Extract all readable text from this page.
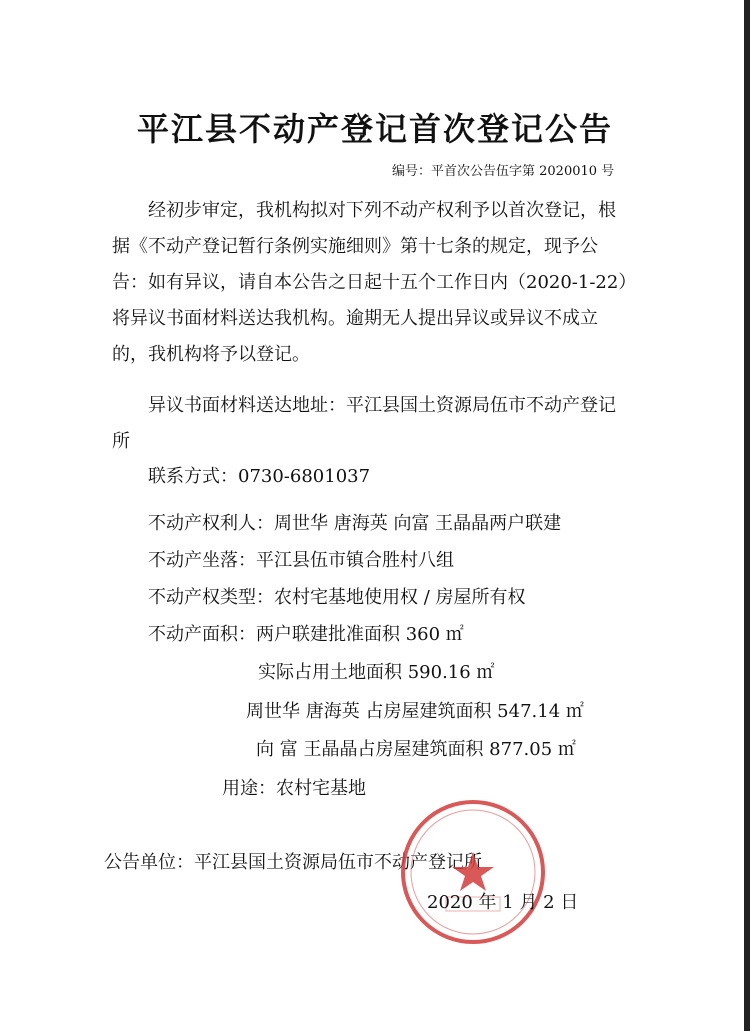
平江县不动产登记首次登记公告
编号：平首次公告伍字第 2020010 号
经初步审定，我机构拟对下列不动产权利予以首次登记，根据《不动产登记暂行条例实施细则》第十七条的规定，现予公告：如有异议，请自本公告之日起十五个工作日内（2020-1-22）将异议书面材料送达我机构。逾期无人提出异议或异议不成立的，我机构将予以登记。
异议书面材料送达地址：平江县国土资源局伍市不动产登记所
联系方式：0730-6801037
不动产权利人：周世华 唐海英 向富 王晶晶两户联建
不动产坐落：平江县伍市镇合胜村八组
不动产权类型：农村宅基地使用权 / 房屋所有权
不动产面积：两户联建批准面积 360 ㎡
实际占用土地面积 590.16 ㎡
周世华 唐海英 占房屋建筑面积 547.14 ㎡
向 富 王晶晶占房屋建筑面积 877.05 ㎡
用途：农村宅基地
公告单位：平江县国土资源局伍市不动产登记所
2020 年 1 月 2 日
